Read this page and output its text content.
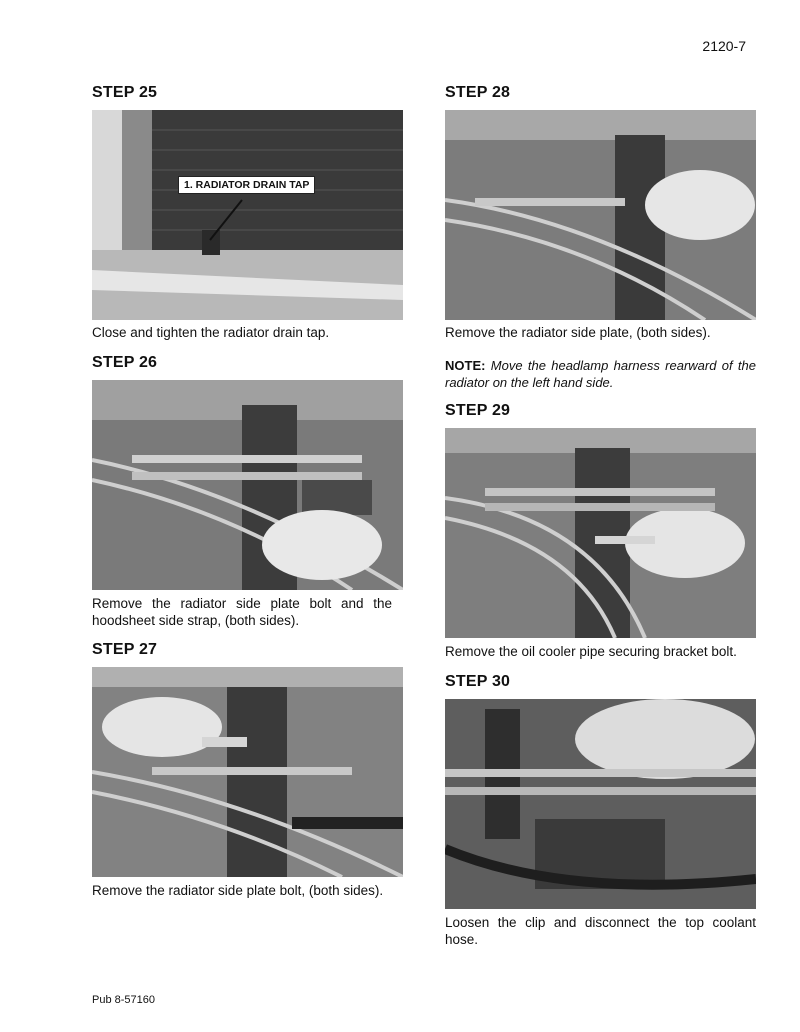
2120-7
STEP 25
1. RADIATOR DRAIN TAP
Close and tighten the radiator drain tap.
STEP 26
Remove the radiator side plate bolt and the hoodsheet side strap, (both sides).
STEP 27
Remove the radiator side plate bolt, (both sides).
STEP 28
Remove the radiator side plate, (both sides).
NOTE: Move the headlamp harness rearward of the radiator on the left hand side.
STEP 29
Remove the oil cooler pipe securing bracket bolt.
STEP 30
Loosen the clip and disconnect the top coolant hose.
Pub 8-57160
